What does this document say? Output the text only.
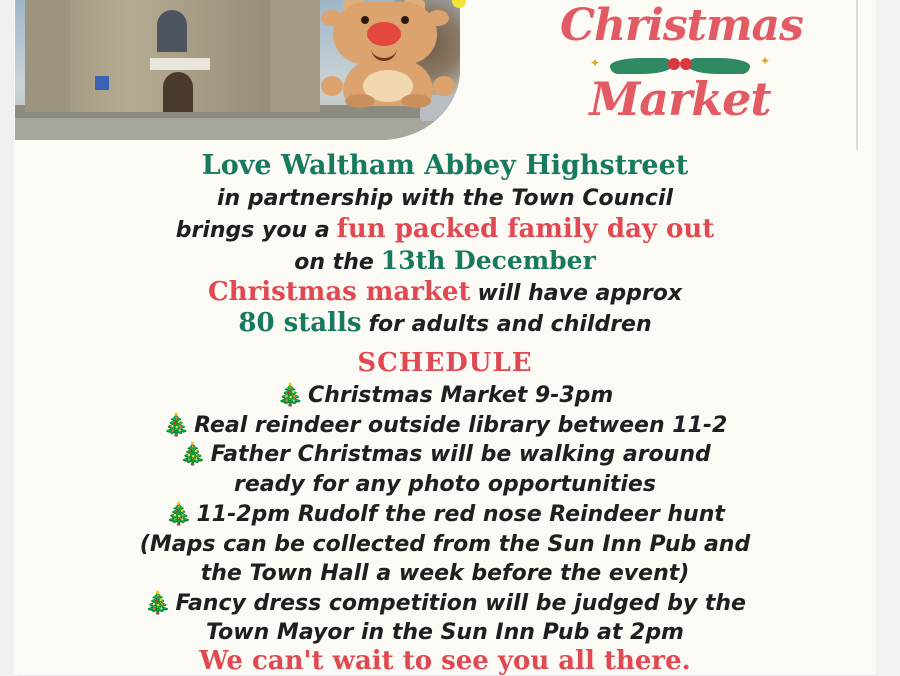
Christmas
✦	✦
Market
Love Waltham Abbey Highstreet
in partnership with the Town Council
brings you a fun packed family day out
on the 13th December
Christmas market will have approx
80 stalls for adults and children
SCHEDULE
🎄 Christmas Market 9-3pm
🎄 Real reindeer outside library between 11-2
🎄 Father Christmas will be walking around
ready for any photo opportunities
🎄 11-2pm Rudolf the red nose Reindeer hunt
(Maps can be collected from the Sun Inn Pub and
the Town Hall a week before the event)
🎄 Fancy dress competition will be judged by the
Town Mayor in the Sun Inn Pub at 2pm
We can't wait to see you all there.
